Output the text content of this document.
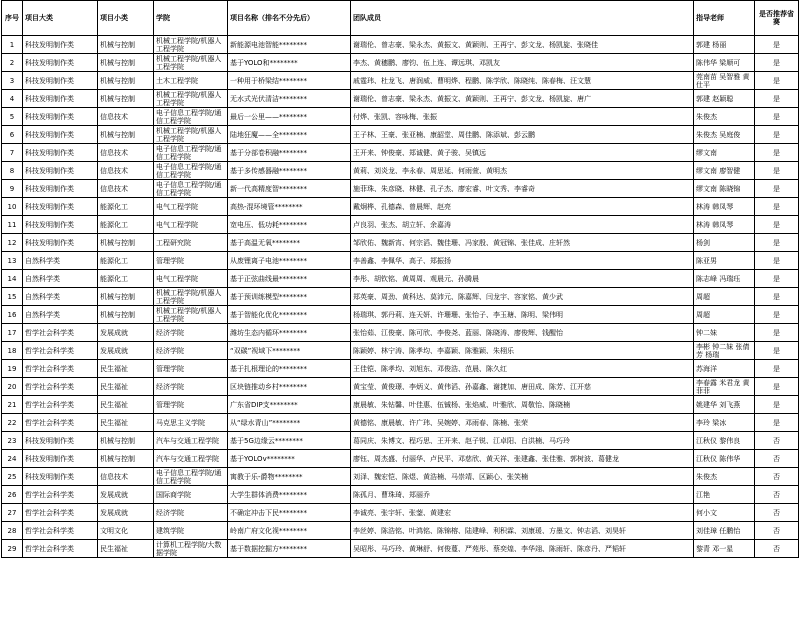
序号	项目大类	项目小类	学院	项目名称（排名不分先后）	团队成员	指导老师	是否推荐省赛
1	科技发明制作类	机械与控制	机械工程学院/机器人工程学院	新能源电池智能********	谢瑞伦、曾志豪、梁永杰、黄振文、黄颖则、王再宁、彭文龙、杨凯旋、张晓佳	郭建 杨丽	是
2	科技发明制作类	机械与控制	机械工程学院/机器人工程学院	基于YOLO和********	李杰、黄穗鹏、廖钧、伍上连、谭远琪、邓凯友	陈伟华 梁顺可	是
3	科技发明制作类	机械与控制	土木工程学院	一种用于桥梁结********	戚霆玮、杜龙飞、唐润威、曹明烨、程鹏、陈学欣、陈晓纯、陈春梅、汪文慧	莞南苗 吴智雅 黄仕平	是
4	科技发明制作类	机械与控制	机械工程学院/机器人工程学院	无水式光伏清洁********	谢瑞伦、曾志豪、梁永杰、黄振文、黄颖则、王再宁、彭文龙、杨凯旋、唐广	郭建 赵颖聪	是
5	科技发明制作类	信息技术	电子信息工程学院/通信工程学院	最后一公里——********	付烨、张凯、容咏梅、张振	朱俊杰	是
6	科技发明制作类	机械与控制	机械工程学院/机器人工程学院	陆地狂魔——全********	王子林、王豪、张亚楠、康韶堂、周佳鹏、陈添斌、彭云鹏	朱俊杰 吴庭俊	是
7	科技发明制作类	信息技术	电子信息工程学院/通信工程学院	基于分部卷积融********	王开来、钟俊豪、郑诚健、黄子骏、吴镇远	缪文南	是
8	科技发明制作类	信息技术	电子信息工程学院/通信工程学院	基于多传感器融********	黄莉、刘炎龙、李永春、周思延、何雨萱、黄明杰	缪文南 廖智健	是
9	科技发明制作类	信息技术	电子信息工程学院/通信工程学院	新一代高精度智********	施菲珠、朱彦晓、林健、孔子杰、廖宏睿、叶文秀、李睿奇	缪文南 陈晓锦	是
10	科技发明制作类	能源化工	电气工程学院	高热-混环境管********	戴炯桦、孔德森、曾晨辉、赵亮	林涛 韩凤琴	是
11	科技发明制作类	能源化工	电气工程学院	宽电压、低功耗********	卢良羽、张杰、胡立轩、余嘉涛	林涛 韩凤琴	是
12	科技发明制作类	机械与控制	工程研究院	基于高温无氧********	邹欣佑、魏新宵、何宗滔、魏佳珊、冯家殷、黄冠锦、张佳成、庄轩然	杨剑	是
13	自然科学类	能源化工	管理学院	从废锂离子电池********	李善鑫、李佩华、高子、郑振扬	陈亚男	是
14	自然科学类	能源化工	电气工程学院	基于正弦曲线最********	李彤、胡钦铭、黄周周、观晨元、孙腾晨	陈志峰 冯瑞珏	是
15	自然科学类	机械与控制	机械工程学院/机器人工程学院	基于预训练模型********	郑英豪、周劲、黄科达、莫沛元、陈嘉辉、闫龙宇、容家铭、黄少武	周超	是
16	自然科学类	机械与控制	机械工程学院/机器人工程学院	基于智能化优化********	杨瑞琪、郭丹莉、连天妍、许珊珊、张怡子、李玉瑭、陈明、梁伟明	周超	是
17	哲学社会科学类	发展成就	经济学院	潍坊生态内循环********	张怡茹、江俊豪、陈可欣、李俊尧、蓝丽、陈晓涛、廖俊辉、钱醒怡	钟二妹	是
18	哲学社会科学类	发展成就	经济学院	“双碳”视域下********	陈颖婷、林宁涛、陈孝均、李嘉颖、陈雅颖、朱栩乐	李彬 钟二妹 张倩芳 杨瑞	是
19	哲学社会科学类	民生福祉	管理学院	基于扎根理论的********	王佳铠、陈孝均、刘旭东、邓俊浩、范晨、陈久红	苏海洋	是
20	哲学社会科学类	民生福祉	经济学院	区块链推动乡村********	黄宝莹、黄俊璟、李炳义、黄伟滔、孙嘉鑫、谢捷加、唐田成、陈芳、江开慈	李春露 米君龙 黄菲菲	是
21	哲学社会科学类	民生福祉	管理学院	广东省DIP支********	康晨敏、朱钻馨、叶佳惠、伍铖杨、张焰威、叶雅欣、周敬怡、陈晓楠	姚建华 刘飞燕	是
22	哲学社会科学类	民生福祉	马克思主义学院	从“绿水青山”********	黄德铭、康晨敏、许广玮、吴婉婷、邓雨春、陈楠、张荣	李玲 梁冰	是
23	科技发明制作类	机械与控制	汽车与交通工程学院	基于5G边缘云********	葛同庆、朱博文、程巧思、王开来、赵子锐、江卓阳、白洪楠、马巧玲	江秋仪 黎伟良	否
24	科技发明制作类	机械与控制	汽车与交通工程学院	基于YOLOv********	廖钰、周杰盛、付丽华、卢民平、邓慈欣、黄天祥、张建鑫、张佳雅、郭树波、葛健龙	江秋仪 陈伟华	否
25	科技发明制作类	信息技术	电子信息工程学院/通信工程学院	寓教于乐-爵物********	刘泽、魏宏恺、陈煜、黄浩楠、马崇靖、区颖心、张笑楠	朱俊杰	否
26	哲学社会科学类	发展成就	国际商学院	大学生群体消费********	陈孤月、曹珠琦、郑丽乔	江艳	否
27	哲学社会科学类	发展成就	经济学院	不确定冲击下民********	李诚亮、张宇轩、张蓥、黄建宏	何小文	否
28	哲学社会科学类	文明文化	建筑学院	岭南广府文化视********	李丝婷、陈浩铭、叶鸿铭、陈锦榕、陆建峰、利积霖、刘康瑗、方墨文、钟志滔、刘昊轩	刘佳璋 任鹏怡	否
29	哲学社会科学类	民生福祉	计算机工程学院/大数据学院	基于数据挖掘方********	吴昭彤、马巧玲、黄琳舒、何俊蔓、严苑彤、蔡奕煌、李华翊、陈雨轩、陈彦丹、严韬轩	黎青 邓一星	否
